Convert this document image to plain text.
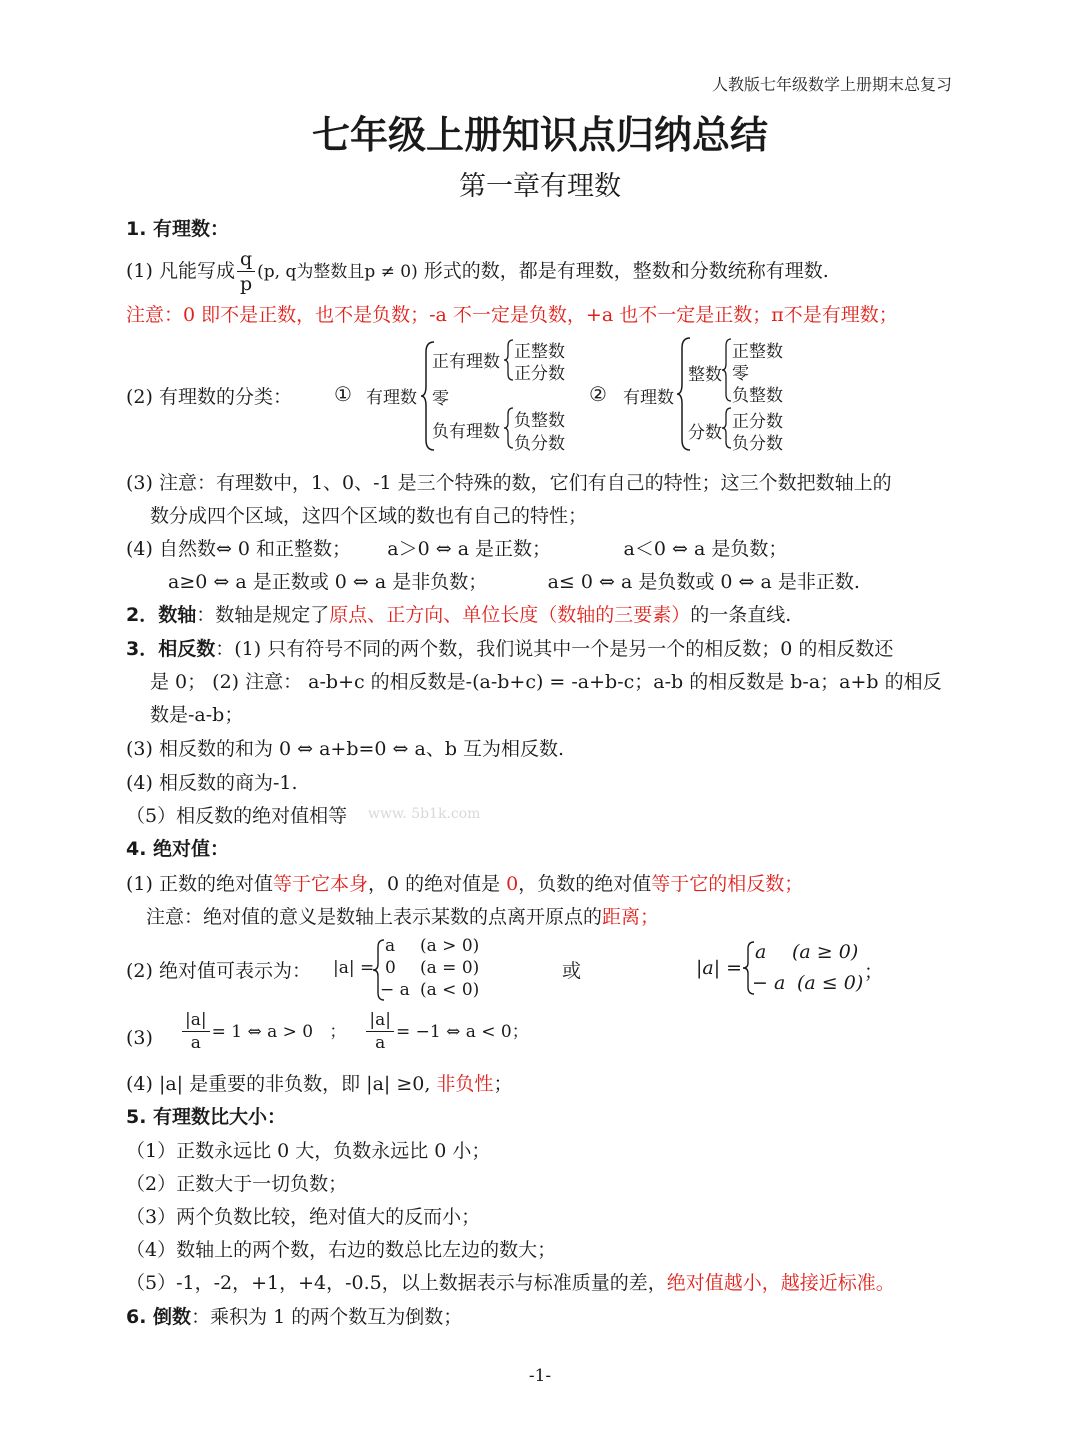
人教版七年级数学上册期末总复习
七年级上册知识点归纳总结
第一章有理数
1. 有理数：
(1) 凡能写成 $\frac{q}{p} (p$, q为整数且p ≠ 0) 形式的数，都是有理数，整数和分数统称有理数.
注意：0 即不是正数，也不是负数；-a 不一定是负数，+a 也不一定是正数；π不是有理数；
(2) 有理数的分类： ① 有理数
正有理数 正整数
正分数
零
负有理数
负整数
负分数
② 有理数
整数
正整数
零
负整数
分数
正分数
负分数
(3) 注意：有理数中，1、0、-1 是三个特殊的数，它们有自己的特性；这三个数把数轴上的
数分成四个区域，这四个区域的数也有自己的特性；
(4) 自然数⇔ 0 和正整数；      a＞0 ⇔ a 是正数；            a＜0 ⇔ a 是负数；
a≥0 ⇔ a 是正数或 0 ⇔ a 是非负数；          a≤ 0 ⇔ a 是负数或 0 ⇔ a 是非正数.
2．数轴：数轴是规定了原点、正方向、单位长度（数轴的三要素）的一条直线.
3．相反数：(1) 只有符号不同的两个数，我们说其中一个是另一个的相反数；0 的相反数还
是 0； (2) 注意： a-b+c 的相反数是-(a-b+c) = -a+b-c；a-b 的相反数是 b-a；a+b 的相反
数是-a-b；
(3) 相反数的和为 0 ⇔ a+b=0 ⇔ a、b 互为相反数.
(4) 相反数的商为-1.
（5）相反数的绝对值相等 www. 5b1k.com
4. 绝对值：
(1) 正数的绝对值等于它本身，0 的绝对值是 0，负数的绝对值等于它的相反数；
注意：绝对值的意义是数轴上表示某数的点离开原点的距离；
(2) 绝对值可表示为： |a| =
a (a > 0)
0 (a = 0)
− a (a < 0)
或	|a| =
a (a ≥ 0)
− a (a ≤ 0) ；
$(3) \frac{|a|}{a} = 1$ ⇔ a > 0   ； $\frac{|a|}{a} = -1$ ⇔ a < 0；
(4) |a| 是重要的非负数，即 |a| ≥0, 非负性；
5. 有理数比大小：
（1）正数永远比 0 大，负数永远比 0 小；
（2）正数大于一切负数；
（3）两个负数比较，绝对值大的反而小；
（4）数轴上的两个数，右边的数总比左边的数大；
（5）-1，-2，+1，+4，-0.5，以上数据表示与标准质量的差，绝对值越小，越接近标准。
6. 倒数：乘积为 1 的两个数互为倒数；
-1-
